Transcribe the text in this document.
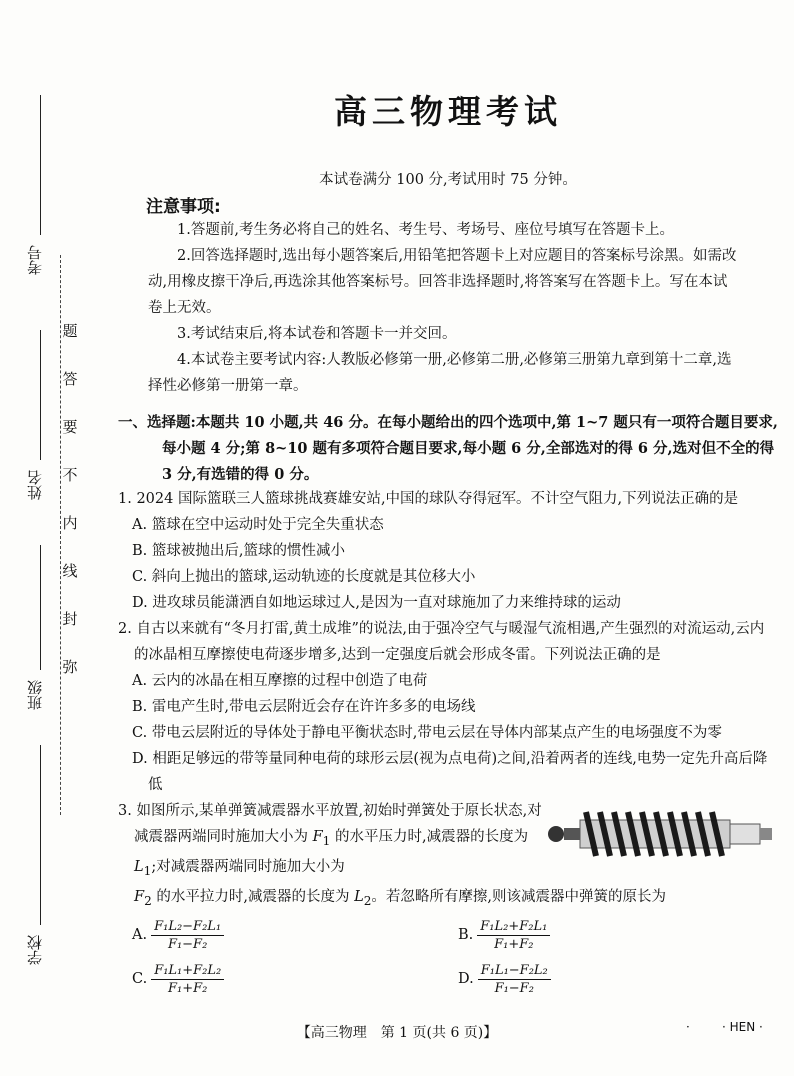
考号
姓名
班级
学校
题
答
要
不
内
线
封
弥
高三物理考试
本试卷满分 100 分,考试用时 75 分钟。
注意事项:

1.答题前,考生务必将自己的姓名、考生号、考场号、座位号填写在答题卡上。

2.回答选择题时,选出每小题答案后,用铅笔把答题卡上对应题目的答案标号涂黑。如需改动,用橡皮擦干净后,再选涂其他答案标号。回答非选择题时,将答案写在答题卡上。写在本试卷上无效。

3.考试结束后,将本试卷和答题卡一并交回。

4.本试卷主要考试内容:人教版必修第一册,必修第二册,必修第三册第九章到第十二章,选择性必修第一册第一章。

一、选择题:本题共 10 小题,共 46 分。在每小题给出的四个选项中,第 1~7 题只有一项符合题目要求,每小题 4 分;第 8~10 题有多项符合题目要求,每小题 6 分,全部选对的得 6 分,选对但不全的得 3 分,有选错的得 0 分。
1. 2024 国际篮联三人篮球挑战赛雄安站,中国的球队夺得冠军。不计空气阻力,下列说法正确的是
A. 篮球在空中运动时处于完全失重状态
B. 篮球被抛出后,篮球的惯性减小
C. 斜向上抛出的篮球,运动轨迹的长度就是其位移大小
D. 进攻球员能潇洒自如地运球过人,是因为一直对球施加了力来维持球的运动
2. 自古以来就有“冬月打雷,黄土成堆”的说法,由于强冷空气与暖湿气流相遇,产生强烈的对流运动,云内的冰晶相互摩擦使电荷逐步增多,达到一定强度后就会形成冬雷。下列说法正确的是
A. 云内的冰晶在相互摩擦的过程中创造了电荷
B. 雷电产生时,带电云层附近会存在许许多多的电场线
C. 带电云层附近的导体处于静电平衡状态时,带电云层在导体内部某点产生的电场强度不为零
D. 相距足够远的带等量同种电荷的球形云层(视为点电荷)之间,沿着两者的连线,电势一定先升高后降低
3. 如图所示,某单弹簧减震器水平放置,初始时弹簧处于原长状态,对减震器两端同时施加大小为 $F_1$ 的水平压力时,减震器的长度为 $L_1$;对减震器两端同时施加大小为
$F_2$ 的水平拉力时,减震器的长度为 $L_2$。若忽略所有摩擦,则该减震器中弹簧的原长为
A. $\frac{\text{F₁L₂−F₂L₁}}{\text{F₁−F₂}}$	B. $\frac{\text{F₁L₂+F₂L₁}}{\text{F₁+F₂}}$
C. $\frac{\text{F₁L₁+F₂L₂}}{\text{F₁+F₂}}$	D. $\frac{\text{F₁L₁−F₂L₂}}{\text{F₁−F₂}}$
【高三物理　第 1 页(共 6 页)】	·	· HEN ·
